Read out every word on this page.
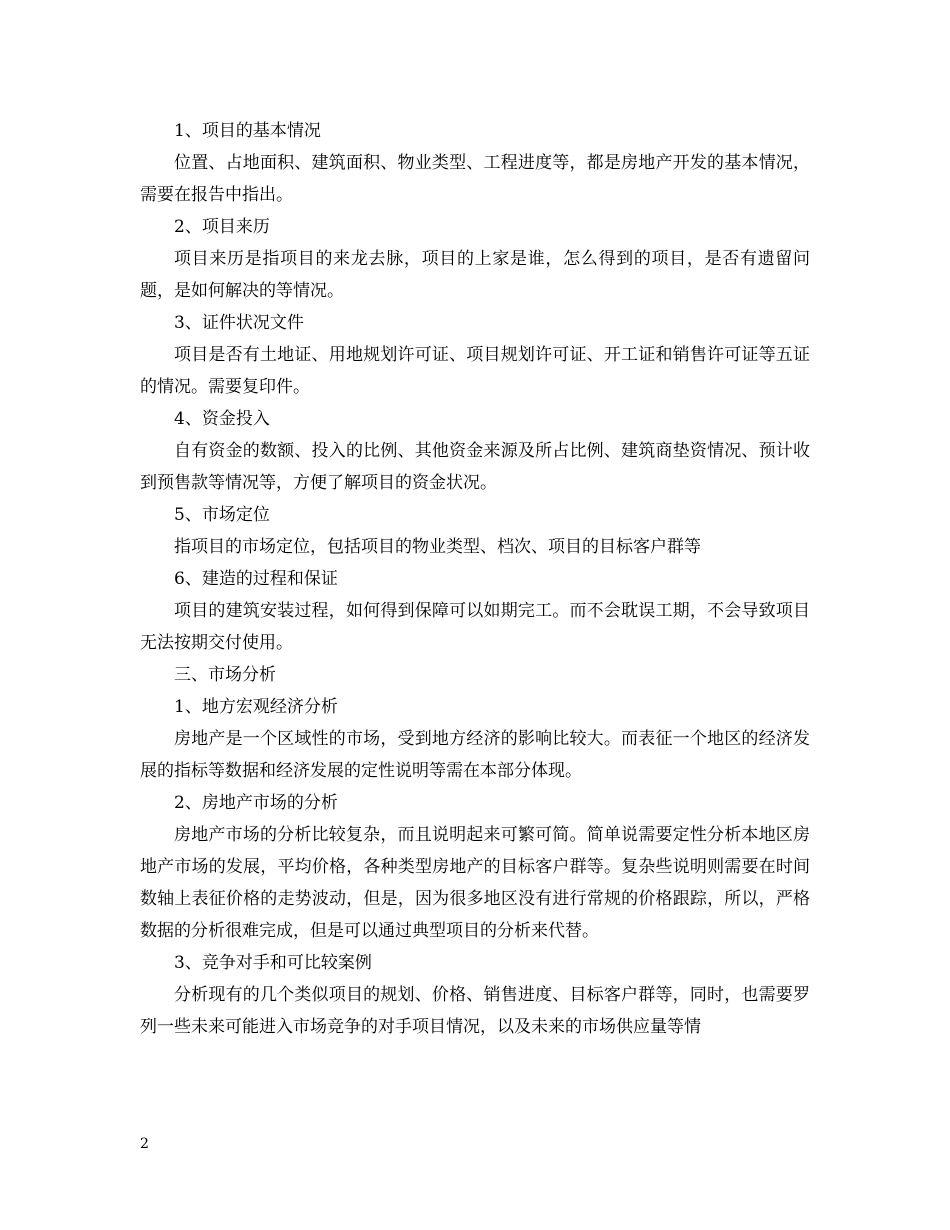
1、项目的基本情况

位置、占地面积、建筑面积、物业类型、工程进度等，都是房地产开发的基本情况，需要在报告中指出。

2、项目来历

项目来历是指项目的来龙去脉，项目的上家是谁，怎么得到的项目，是否有遗留问题，是如何解决的等情况。

3、证件状况文件

项目是否有土地证、用地规划许可证、项目规划许可证、开工证和销售许可证等五证的情况。需要复印件。

4、资金投入

自有资金的数额、投入的比例、其他资金来源及所占比例、建筑商垫资情况、预计收到预售款等情况等，方便了解项目的资金状况。

5、市场定位

指项目的市场定位，包括项目的物业类型、档次、项目的目标客户群等

6、建造的过程和保证

项目的建筑安装过程，如何得到保障可以如期完工。而不会耽误工期，不会导致项目无法按期交付使用。

三、市场分析

1、地方宏观经济分析

房地产是一个区域性的市场，受到地方经济的影响比较大。而表征一个地区的经济发展的指标等数据和经济发展的定性说明等需在本部分体现。

2、房地产市场的分析

房地产市场的分析比较复杂，而且说明起来可繁可简。简单说需要定性分析本地区房地产市场的发展，平均价格，各种类型房地产的目标客户群等。复杂些说明则需要在时间数轴上表征价格的走势波动，但是，因为很多地区没有进行常规的价格跟踪，所以，严格数据的分析很难完成，但是可以通过典型项目的分析来代替。

3、竞争对手和可比较案例

分析现有的几个类似项目的规划、价格、销售进度、目标客户群等，同时，也需要罗列一些未来可能进入市场竞争的对手项目情况，以及未来的市场供应量等情

2
